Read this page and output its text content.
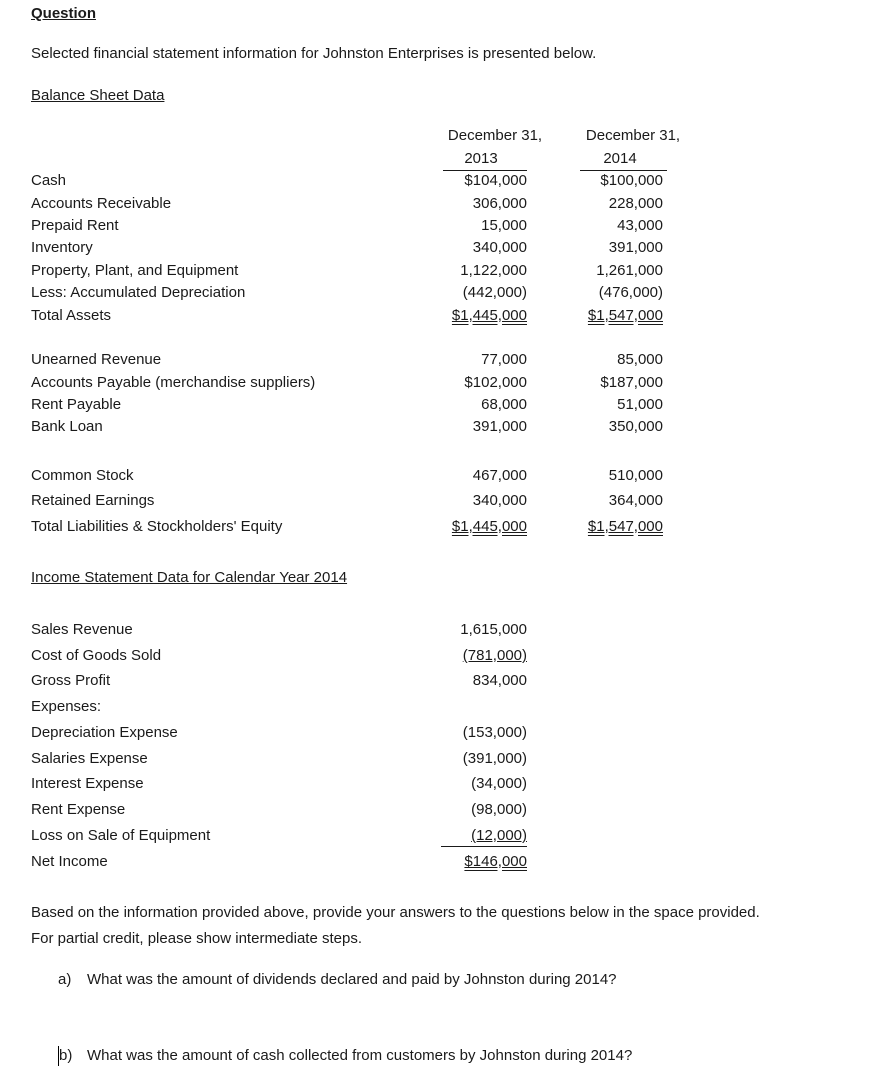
Question
Selected financial statement information for Johnston Enterprises is presented below.
Balance Sheet Data
December 31,
2013
December 31,
2014
Cash	$104,000	$100,000
Accounts Receivable	306,000	228,000
Prepaid Rent	15,000	43,000
Inventory	340,000	391,000
Property, Plant, and Equipment	1,122,000	1,261,000
Less: Accumulated Depreciation	(442,000)	(476,000)
Total Assets	$1,445,000	$1,547,000
Unearned Revenue	77,000	85,000
Accounts Payable (merchandise suppliers)	$102,000	$187,000
Rent Payable	68,000	51,000
Bank Loan	391,000	350,000
Common Stock	467,000	510,000
Retained Earnings	340,000	364,000
Total Liabilities & Stockholders' Equity	$1,445,000	$1,547,000
Income Statement Data for Calendar Year 2014
Sales Revenue	1,615,000
Cost of Goods Sold	(781,000)
Gross Profit	834,000
Expenses:
Depreciation Expense	(153,000)
Salaries Expense	(391,000)
Interest Expense	(34,000)
Rent Expense	(98,000)
Loss on Sale of Equipment	(12,000)
Net Income	$146,000
Based on the information provided above, provide your answers to the questions below in the space provided.
For partial credit, please show intermediate steps.
a) What was the amount of dividends declared and paid by Johnston during 2014?
b) What was the amount of cash collected from customers by Johnston during 2014?
